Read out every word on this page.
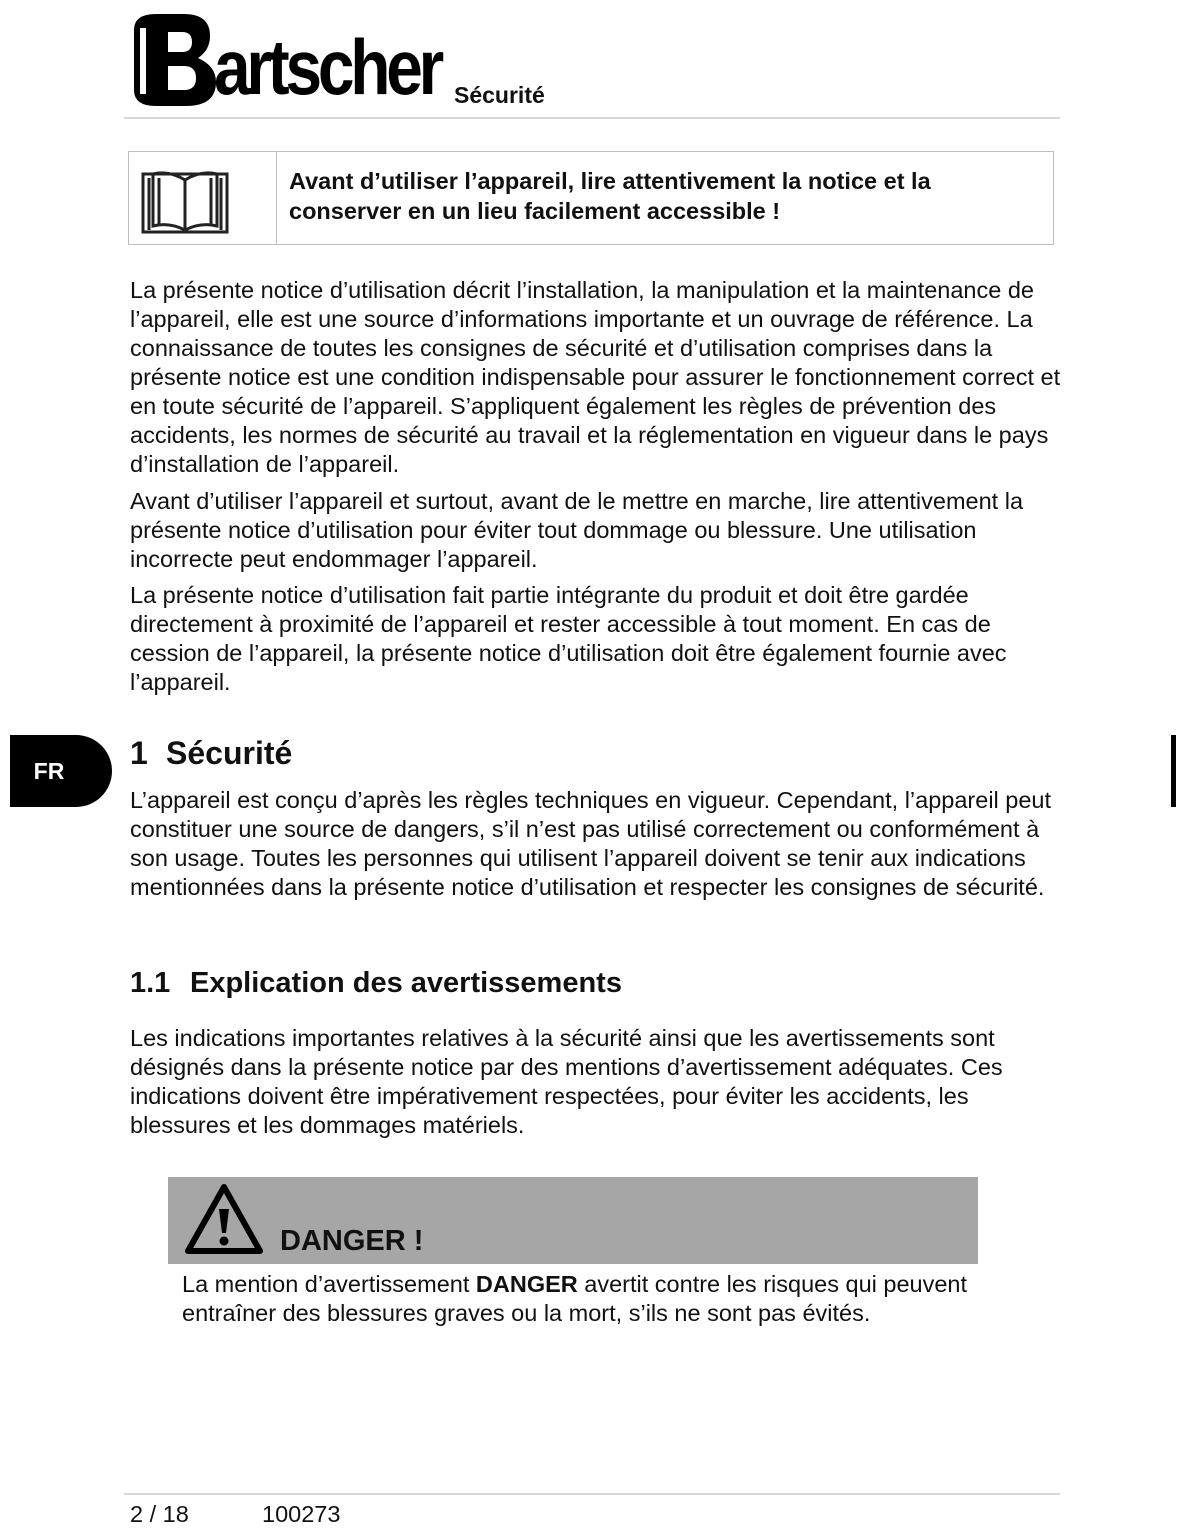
artscher Sécurité
Avant d’utiliser l’appareil, lire attentivement la notice et la
conserver en un lieu facilement accessible !
La présente notice d’utilisation décrit l’installation, la manipulation et la maintenance de l’appareil, elle est une source d’informations importante et un ouvrage de référence. La connaissance de toutes les consignes de sécurité et d’utilisation comprises dans la présente notice est une condition indispensable pour assurer le fonctionnement correct et en toute sécurité de l’appareil. S’appliquent également les règles de prévention des accidents, les normes de sécurité au travail et la réglementation en vigueur dans le pays d’installation de l’appareil.
Avant d’utiliser l’appareil et surtout, avant de le mettre en marche, lire attentivement la présente notice d’utilisation pour éviter tout dommage ou blessure. Une utilisation incorrecte peut endommager l’appareil.
La présente notice d’utilisation fait partie intégrante du produit et doit être gardée directement à proximité de l’appareil et rester accessible à tout moment. En cas de cession de l’appareil, la présente notice d’utilisation doit être également fournie avec l’appareil.
FR 1 Sécurité
L’appareil est conçu d’après les règles techniques en vigueur. Cependant, l’appareil peut constituer une source de dangers, s’il n’est pas utilisé correctement ou conformément à son usage. Toutes les personnes qui utilisent l’appareil doivent se tenir aux indications mentionnées dans la présente notice d’utilisation et respecter les consignes de sécurité.
1.1 Explication des avertissements
Les indications importantes relatives à la sécurité ainsi que les avertissements sont désignés dans la présente notice par des mentions d’avertissement adéquates. Ces indications doivent être impérativement respectées, pour éviter les accidents, les blessures et les dommages matériels.
DANGER !
La mention d’avertissement DANGER avertit contre les risques qui peuvent entraîner des blessures graves ou la mort, s’ils ne sont pas évités.
2 / 18	100273
